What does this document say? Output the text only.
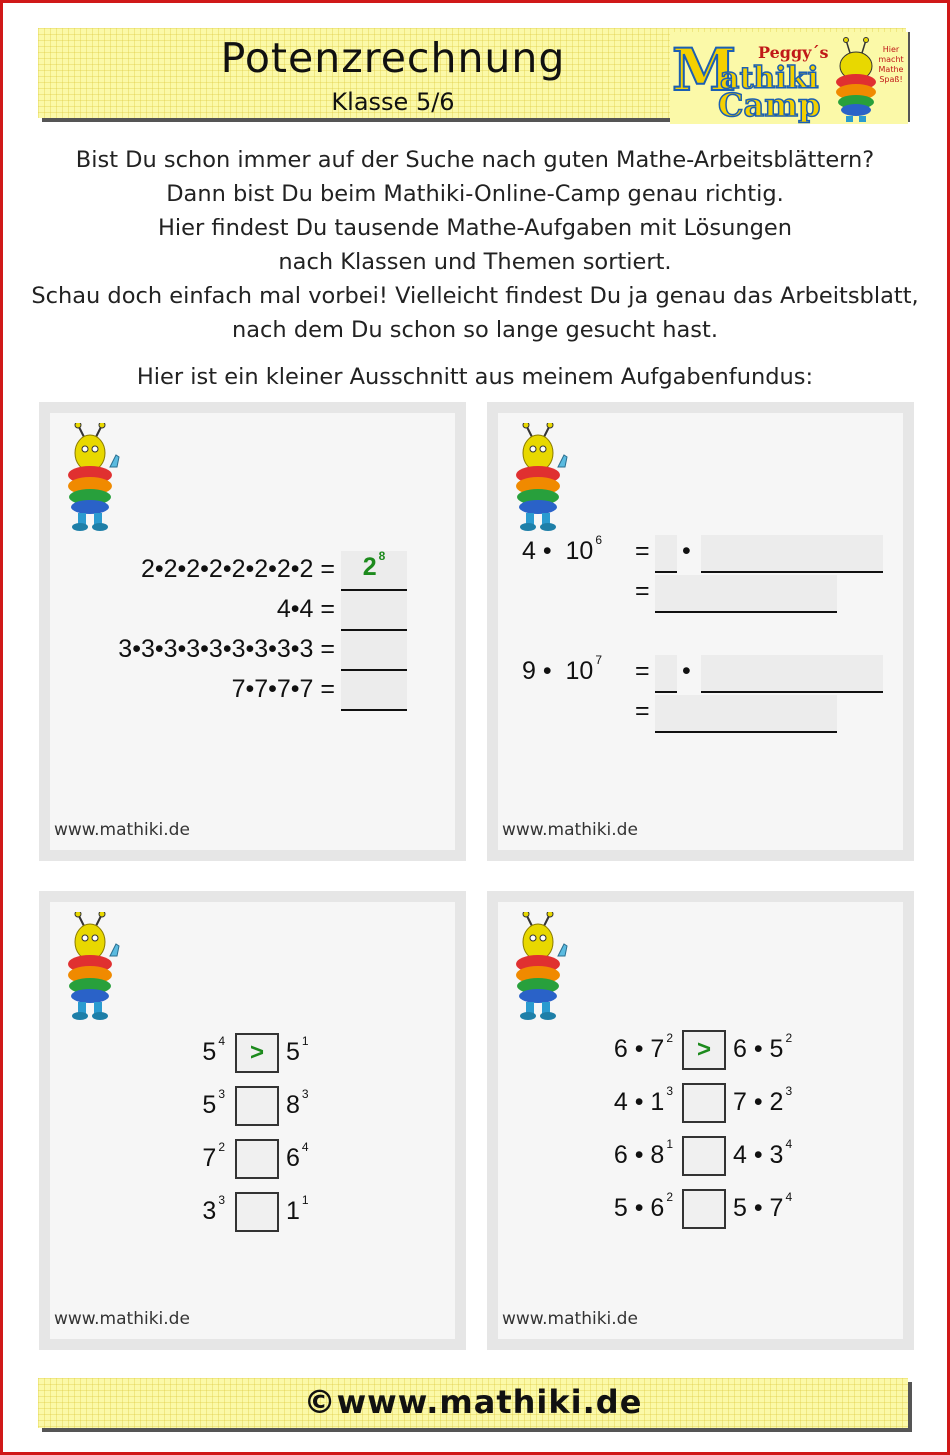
Potenzrechnung
Klasse 5/6	M Peggy´s
athiki
Camp
Hier
macht
Mathe
Spaß!
Bist Du schon immer auf der Suche nach guten Mathe-Arbeitsblättern?
Dann bist Du beim Mathiki-Online-Camp genau richtig.
Hier findest Du tausende Mathe-Aufgaben mit Lösungen
nach Klassen und Themen sortiert.
Schau doch einfach mal vorbei! Vielleicht findest Du ja genau das Arbeitsblatt,
nach dem Du schon so lange gesucht hast.
Hier ist ein kleiner Ausschnitt aus meinem Aufgabenfundus:
2•2•2•2•2•2•2•2 =	2 $^8$
4•4 =
3•3•3•3•3•3•3•3•3 =
7•7•7•7 =
www.mathiki.de
4 • 10 $^6$ = •
=
9 • 10 $^7$ = •
=
www.mathiki.de
5 $^4$	> 5 $^1$
5 $^3$ 8 $^3$
7 $^2$ 6 $^4$
3 $^3$ 1 $^1$
www.mathiki.de
6 • 7 $^2$ > 6 • 5 $^2$
4 • 1 $^3$ 7 • 2 $^3$
6 • 8 $^1$ 4 • 3 $^4$
5 • 6 $^2$ 5 • 7 $^4$
www.mathiki.de
©www.mathiki.de
